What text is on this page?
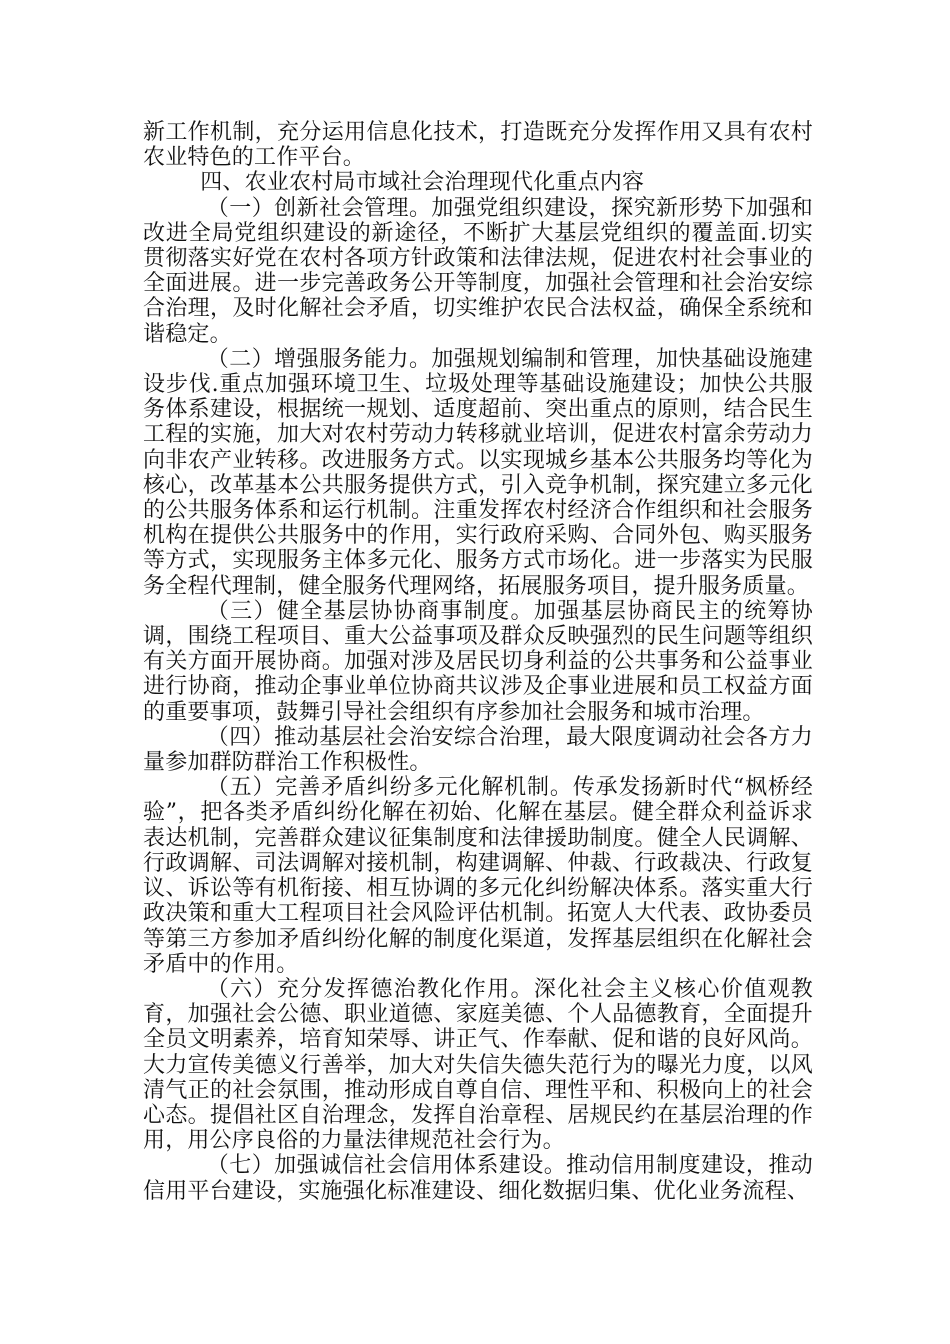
新工作机制，充分运用信息化技术，打造既充分发挥作用又具有农村农业特色的工作平台。

四、农业农村局市域社会治理现代化重点内容

（一）创新社会管理。加强党组织建设，探究新形势下加强和改进全局党组织建设的新途径，不断扩大基层党组织的覆盖面.切实贯彻落实好党在农村各项方针政策和法律法规，促进农村社会事业的全面进展。进一步完善政务公开等制度，加强社会管理和社会治安综合治理，及时化解社会矛盾，切实维护农民合法权益，确保全系统和谐稳定。

（二）增强服务能力。加强规划编制和管理，加快基础设施建设步伐.重点加强环境卫生、垃圾处理等基础设施建设；加快公共服务体系建设，根据统一规划、适度超前、突出重点的原则，结合民生工程的实施，加大对农村劳动力转移就业培训，促进农村富余劳动力向非农产业转移。改进服务方式。以实现城乡基本公共服务均等化为核心，改革基本公共服务提供方式，引入竞争机制，探究建立多元化的公共服务体系和运行机制。注重发挥农村经济合作组织和社会服务机构在提供公共服务中的作用，实行政府采购、合同外包、购买服务等方式，实现服务主体多元化、服务方式市场化。进一步落实为民服务全程代理制，健全服务代理网络，拓展服务项目，提升服务质量。

（三）健全基层协协商事制度。加强基层协商民主的统筹协调，围绕工程项目、重大公益事项及群众反映强烈的民生问题等组织有关方面开展协商。加强对涉及居民切身利益的公共事务和公益事业进行协商，推动企事业单位协商共议涉及企事业进展和员工权益方面的重要事项，鼓舞引导社会组织有序参加社会服务和城市治理。

（四）推动基层社会治安综合治理，最大限度调动社会各方力量参加群防群治工作积极性。

（五）完善矛盾纠纷多元化解机制。传承发扬新时代“枫桥经验”，把各类矛盾纠纷化解在初始、化解在基层。健全群众利益诉求表达机制，完善群众建议征集制度和法律援助制度。健全人民调解、行政调解、司法调解对接机制，构建调解、仲裁、行政裁决、行政复议、诉讼等有机衔接、相互协调的多元化纠纷解决体系。落实重大行政决策和重大工程项目社会风险评估机制。拓宽人大代表、政协委员等第三方参加矛盾纠纷化解的制度化渠道，发挥基层组织在化解社会矛盾中的作用。

（六）充分发挥德治教化作用。深化社会主义核心价值观教育，加强社会公德、职业道德、家庭美德、个人品德教育，全面提升全员文明素养，培育知荣辱、讲正气、作奉献、促和谐的良好风尚。大力宣传美德义行善举，加大对失信失德失范行为的曝光力度，以风清气正的社会氛围，推动形成自尊自信、理性平和、积极向上的社会心态。提倡社区自治理念，发挥自治章程、居规民约在基层治理的作用，用公序良俗的力量法律规范社会行为。

（七）加强诚信社会信用体系建设。推动信用制度建设，推动信用平台建设，实施强化标准建设、细化数据归集、优化业务流程、
